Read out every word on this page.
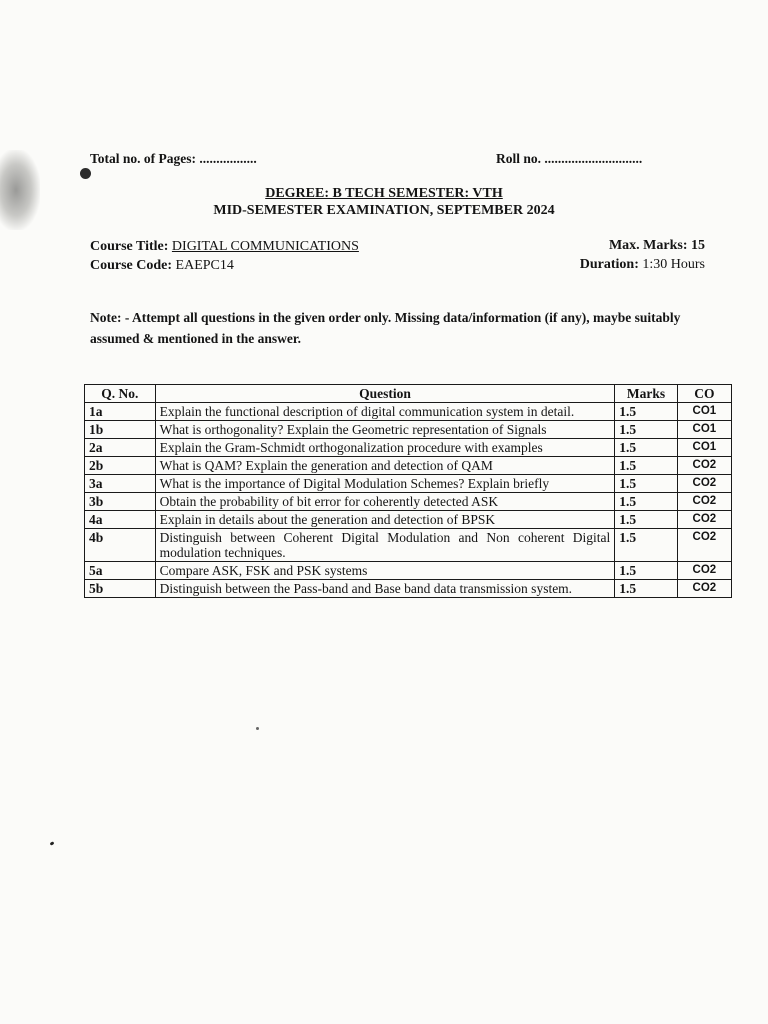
Total no. of Pages: .................	Roll no. .............................
DEGREE: B TECH SEMESTER: VTH
MID-SEMESTER EXAMINATION, SEPTEMBER 2024
Course Title: DIGITAL COMMUNICATIONS
Course Code: EAEPC14
Max. Marks: 15
Duration: 1:30 Hours
Note: - Attempt all questions in the given order only. Missing data/information (if any), maybe suitably assumed & mentioned in the answer.
Q. No.	Question	Marks	CO
1a	Explain the functional description of digital communication system in detail.	1.5	CO1
1b	What is orthogonality? Explain the Geometric representation of Signals	1.5	CO1
2a	Explain the Gram-Schmidt orthogonalization procedure with examples	1.5	CO1
2b	What is QAM? Explain the generation and detection of QAM	1.5	CO2
3a	What is the importance of Digital Modulation Schemes? Explain briefly	1.5	CO2
3b	Obtain the probability of bit error for coherently detected ASK	1.5	CO2
4a	Explain in details about the generation and detection of BPSK	1.5	CO2
4b	Distinguish between Coherent Digital Modulation and Non coherent Digital modulation techniques.	1.5	CO2
5a	Compare ASK, FSK and PSK systems	1.5	CO2
5b	Distinguish between the Pass-band and Base band data transmission system.	1.5	CO2
